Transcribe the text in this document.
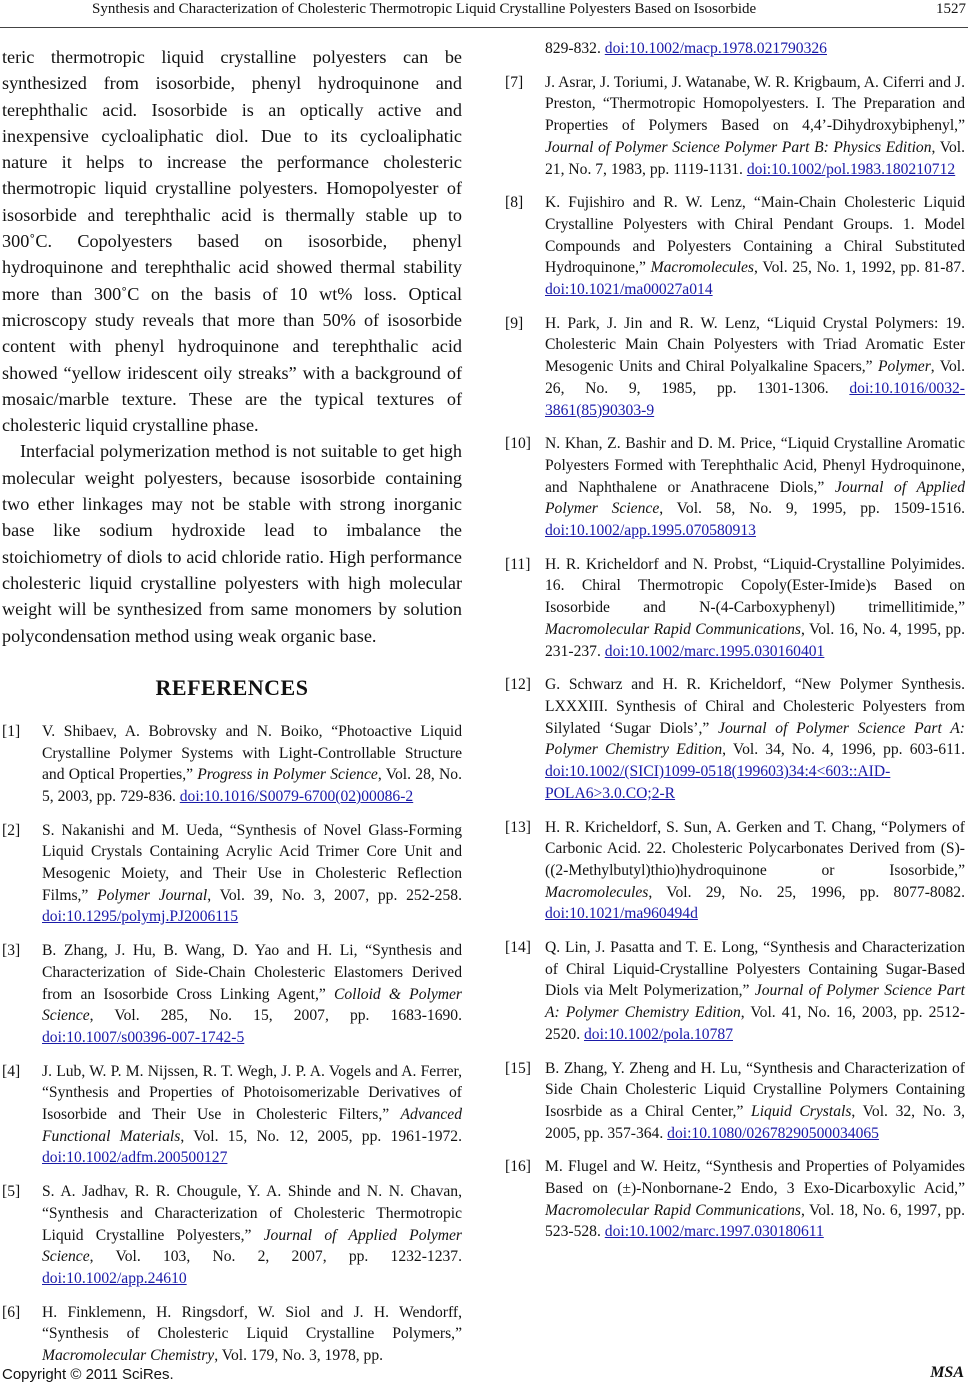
Synthesis and Characterization of Cholesteric Thermotropic Liquid Crystalline Polyesters Based on Isosorbide	1527

teric thermotropic liquid crystalline polyesters can be synthesized from isosorbide, phenyl hydroquinone and terephthalic acid. Isosorbide is an optically active and inexpensive cycloaliphatic diol. Due to its cycloaliphatic nature it helps to increase the performance cholesteric thermotropic liquid crystalline polyesters. Homopolyester of isosorbide and terephthalic acid is thermally stable up to 300˚C. Copolyesters based on isosorbide, phenyl hydroquinone and terephthalic acid showed thermal stability more than 300˚C on the basis of 10 wt% loss. Optical microscopy study reveals that more than 50% of isosorbide content with phenyl hydroquinone and terephthalic acid showed “yellow iridescent oily streaks” with a background of mosaic/marble texture. These are the typical textures of cholesteric liquid crystalline phase.

Interfacial polymerization method is not suitable to get high molecular weight polyesters, because isosorbide containing two ether linkages may not be stable with strong inorganic base like sodium hydroxide lead to imbalance the stoichiometry of diols to acid chloride ratio. High performance cholesteric liquid crystalline polyesters with high molecular weight will be synthesized from same monomers by solution polycondensation method using weak organic base.

REFERENCES
[1] V. Shibaev, A. Bobrovsky and N. Boiko, “Photoactive Liquid Crystalline Polymer Systems with Light-Controllable Structure and Optical Properties,” Progress in Polymer Science, Vol. 28, No. 5, 2003, pp. 729-836. doi:10.1016/S0079-6700(02)00086-2
[2] S. Nakanishi and M. Ueda, “Synthesis of Novel Glass-Forming Liquid Crystals Containing Acrylic Acid Trimer Core Unit and Mesogenic Moiety, and Their Use in Cholesteric Reflection Films,” Polymer Journal, Vol. 39, No. 3, 2007, pp. 252-258. doi:10.1295/polymj.PJ2006115
[3] B. Zhang, J. Hu, B. Wang, D. Yao and H. Li, “Synthesis and Characterization of Side-Chain Cholesteric Elastomers Derived from an Isosorbide Cross Linking Agent,” Colloid & Polymer Science, Vol. 285, No. 15, 2007, pp. 1683-1690. doi:10.1007/s00396-007-1742-5
[4] J. Lub, W. P. M. Nijssen, R. T. Wegh, J. P. A. Vogels and A. Ferrer, “Synthesis and Properties of Photoisomerizable Derivatives of Isosorbide and Their Use in Cholesteric Filters,” Advanced Functional Materials, Vol. 15, No. 12, 2005, pp. 1961-1972. doi:10.1002/adfm.200500127
[5] S. A. Jadhav, R. R. Chougule, Y. A. Shinde and N. N. Chavan, “Synthesis and Characterization of Cholesteric Thermotropic Liquid Crystalline Polyesters,” Journal of Applied Polymer Science, Vol. 103, No. 2, 2007, pp. 1232-1237. doi:10.1002/app.24610
[6] H. Finklemenn, H. Ringsdorf, W. Siol and J. H. Wendorff, “Synthesis of Cholesteric Liquid Crystalline Polymers,” Macromolecular Chemistry, Vol. 179, No. 3, 1978, pp.
829-832. doi:10.1002/macp.1978.021790326
[7] J. Asrar, J. Toriumi, J. Watanabe, W. R. Krigbaum, A. Ciferri and J. Preston, “Thermotropic Homopolyesters. I. The Preparation and Properties of Polymers Based on 4,4’-Dihydroxybiphenyl,” Journal of Polymer Science Polymer Part B: Physics Edition, Vol. 21, No. 7, 1983, pp. 1119-1131. doi:10.1002/pol.1983.180210712
[8] K. Fujishiro and R. W. Lenz, “Main-Chain Cholesteric Liquid Crystalline Polyesters with Chiral Pendant Groups. 1. Model Compounds and Polyesters Containing a Chiral Substituted Hydroquinone,” Macromolecules, Vol. 25, No. 1, 1992, pp. 81-87. doi:10.1021/ma00027a014
[9] H. Park, J. Jin and R. W. Lenz, “Liquid Crystal Polymers: 19. Cholesteric Main Chain Polyesters with Triad Aromatic Ester Mesogenic Units and Chiral Polyalkaline Spacers,” Polymer, Vol. 26, No. 9, 1985, pp. 1301-1306. doi:10.1016/0032-3861(85)90303-9
[10] N. Khan, Z. Bashir and D. M. Price, “Liquid Crystalline Aromatic Polyesters Formed with Terephthalic Acid, Phenyl Hydroquinone, and Naphthalene or Anathracene Diols,” Journal of Applied Polymer Science, Vol. 58, No. 9, 1995, pp. 1509-1516. doi:10.1002/app.1995.070580913
[11] H. R. Kricheldorf and N. Probst, “Liquid-Crystalline Polyimides. 16. Chiral Thermotropic Copoly(Ester-Imide)s Based on Isosorbide and N-(4-Carboxyphenyl) trimellitimide,” Macromolecular Rapid Communications, Vol. 16, No. 4, 1995, pp. 231-237. doi:10.1002/marc.1995.030160401
[12] G. Schwarz and H. R. Kricheldorf, “New Polymer Synthesis. LXXXIII. Synthesis of Chiral and Cholesteric Polyesters from Silylated ‘Sugar Diols’,” Journal of Polymer Science Part A: Polymer Chemistry Edition, Vol. 34, No. 4, 1996, pp. 603-611. doi:10.1002/(SICI)1099-0518(199603)34:4<603::AID-POLA6>3.0.CO;2-R
[13] H. R. Kricheldorf, S. Sun, A. Gerken and T. Chang, “Polymers of Carbonic Acid. 22. Cholesteric Polycarbonates Derived from (S)-((2-Methylbutyl)thio)hydroquinone or Isosorbide,” Macromolecules, Vol. 29, No. 25, 1996, pp. 8077-8082. doi:10.1021/ma960494d
[14] Q. Lin, J. Pasatta and T. E. Long, “Synthesis and Characterization of Chiral Liquid-Crystalline Polyesters Containing Sugar-Based Diols via Melt Polymerization,” Journal of Polymer Science Part A: Polymer Chemistry Edition, Vol. 41, No. 16, 2003, pp. 2512-2520. doi:10.1002/pola.10787
[15] B. Zhang, Y. Zheng and H. Lu, “Synthesis and Characterization of Side Chain Cholesteric Liquid Crystalline Polymers Containing Isosrbide as a Chiral Center,” Liquid Crystals, Vol. 32, No. 3, 2005, pp. 357-364. doi:10.1080/02678290500034065
[16] M. Flugel and W. Heitz, “Synthesis and Properties of Polyamides Based on (±)-Nonbornane-2 Endo, 3 Exo-Dicarboxylic Acid,” Macromolecular Rapid Communications, Vol. 18, No. 6, 1997, pp. 523-528. doi:10.1002/marc.1997.030180611
Copyright © 2011 SciRes.	MSA
